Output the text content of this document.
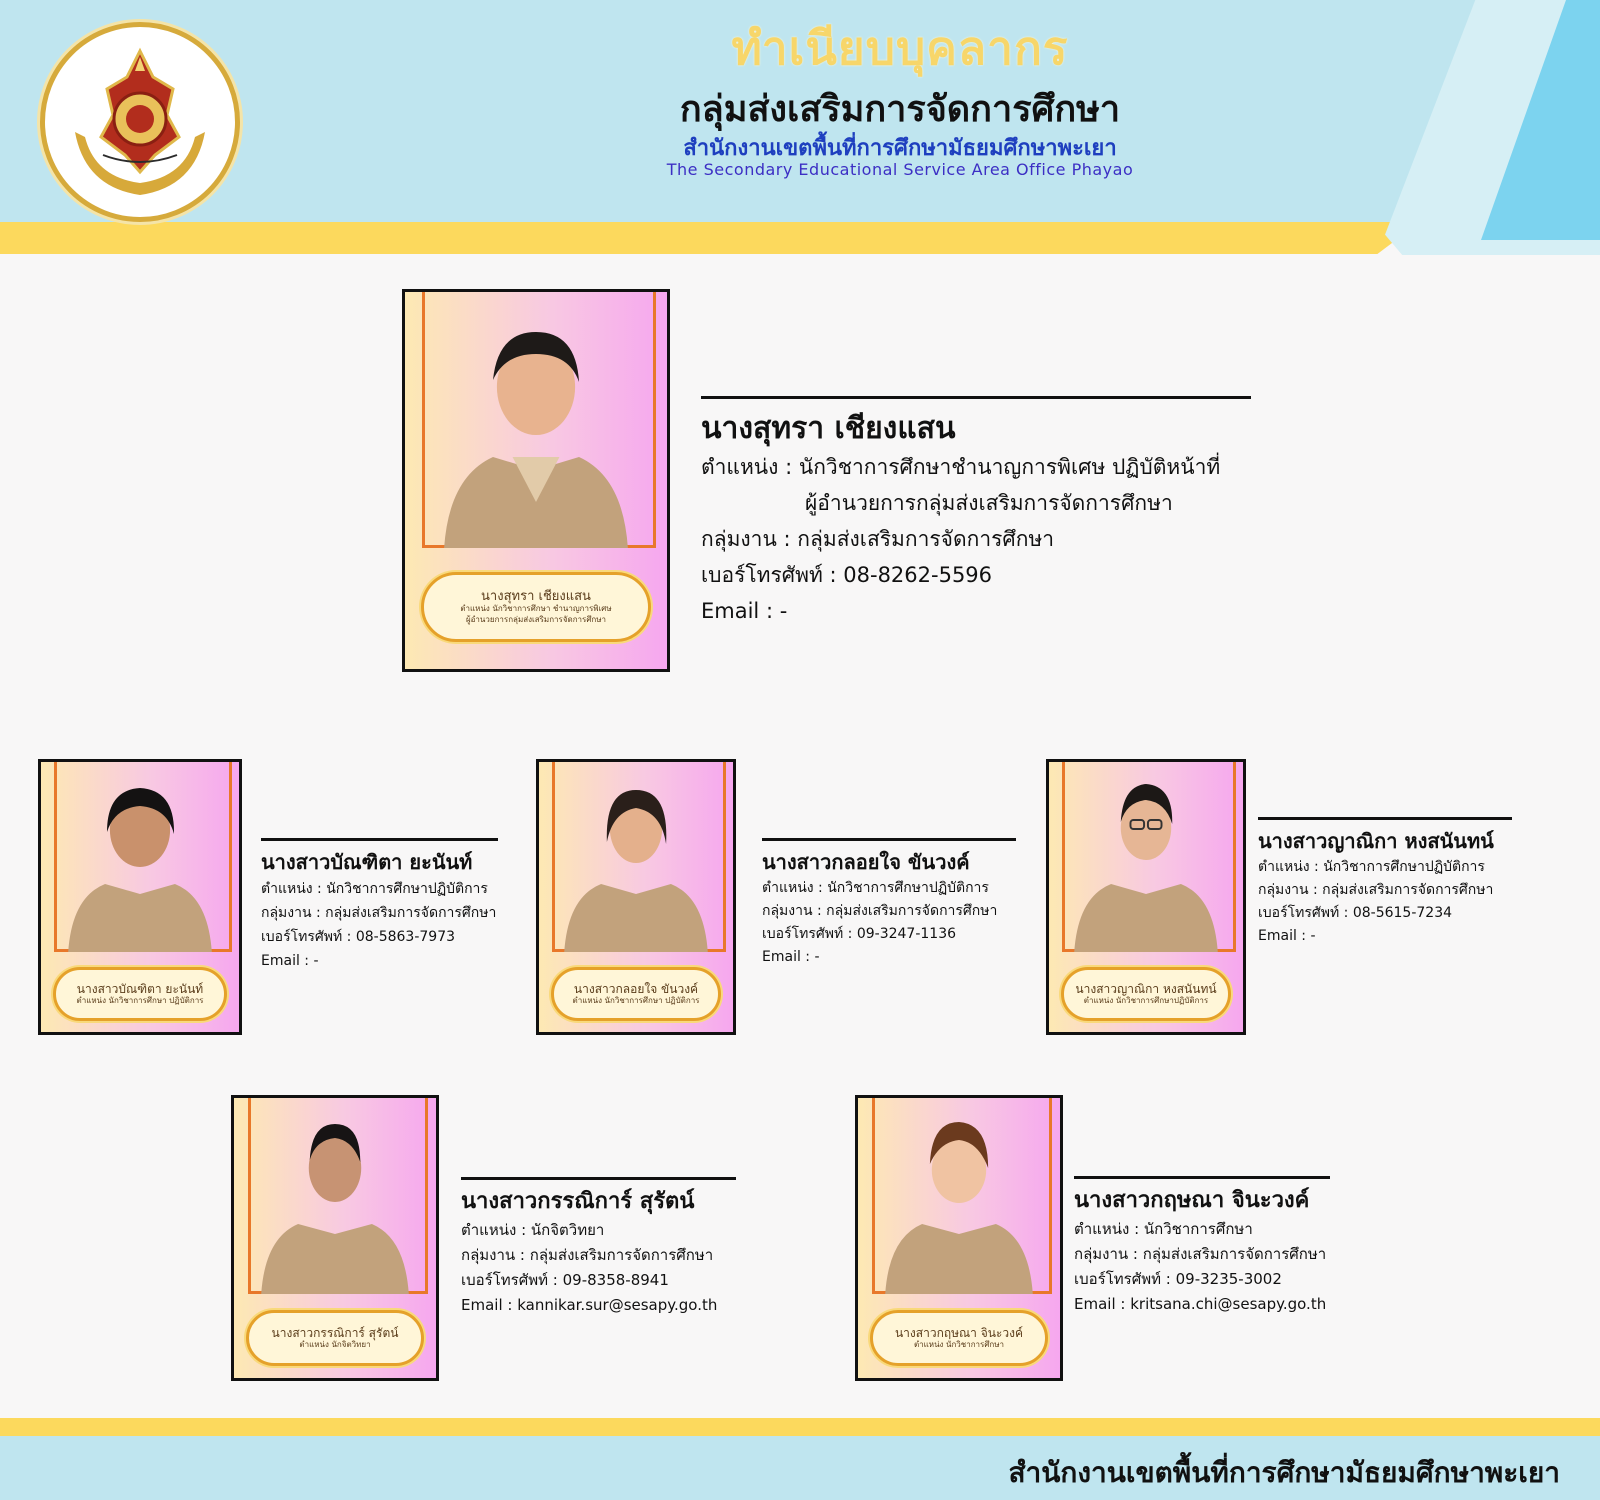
ทำเนียบบุคลากร
กลุ่มส่งเสริมการจัดการศึกษา
สำนักงานเขตพื้นที่การศึกษามัธยมศึกษาพะเยา
The Secondary Educational Service Area Office Phayao
นางสุทรา เชียงแสน
ตำแหน่ง นักวิชาการศึกษา ชำนาญการพิเศษ
ผู้อำนวยการกลุ่มส่งเสริมการจัดการศึกษา
นางสุทรา เชียงแสน
ตำแหน่ง : นักวิชาการศึกษาชำนาญการพิเศษ ปฏิบัติหน้าที่
ผู้อำนวยการกลุ่มส่งเสริมการจัดการศึกษา
กลุ่มงาน : กลุ่มส่งเสริมการจัดการศึกษา
เบอร์โทรศัพท์ : 08-8262-5596
Email : -
นางสาวบัณฑิตา ยะนันท์
ตำแหน่ง นักวิชาการศึกษา ปฏิบัติการ
นางสาวบัณฑิตา ยะนันท์
ตำแหน่ง : นักวิชาการศึกษาปฏิบัติการ
กลุ่มงาน : กลุ่มส่งเสริมการจัดการศึกษา
เบอร์โทรศัพท์ : 08-5863-7973
Email : -
นางสาวกลอยใจ ขันวงค์
ตำแหน่ง นักวิชาการศึกษา ปฏิบัติการ
นางสาวกลอยใจ ขันวงค์
ตำแหน่ง : นักวิชาการศึกษาปฏิบัติการ
กลุ่มงาน : กลุ่มส่งเสริมการจัดการศึกษา
เบอร์โทรศัพท์ : 09-3247-1136
Email : -
นางสาวญาณิกา หงสนันทน์
ตำแหน่ง นักวิชาการศึกษาปฏิบัติการ
นางสาวญาณิกา หงสนันทน์
ตำแหน่ง : นักวิชาการศึกษาปฏิบัติการ
กลุ่มงาน : กลุ่มส่งเสริมการจัดการศึกษา
เบอร์โทรศัพท์ : 08-5615-7234
Email : -
นางสาวกรรณิการ์ สุรัตน์
ตำแหน่ง นักจิตวิทยา
นางสาวกรรณิการ์ สุรัตน์
ตำแหน่ง : นักจิตวิทยา
กลุ่มงาน : กลุ่มส่งเสริมการจัดการศึกษา
เบอร์โทรศัพท์ : 09-8358-8941
Email : kannikar.sur@sesapy.go.th
นางสาวกฤษณา จินะวงค์
ตำแหน่ง นักวิชาการศึกษา
นางสาวกฤษณา จินะวงค์
ตำแหน่ง : นักวิชาการศึกษา
กลุ่มงาน : กลุ่มส่งเสริมการจัดการศึกษา
เบอร์โทรศัพท์ : 09-3235-3002
Email : kritsana.chi@sesapy.go.th
สำนักงานเขตพื้นที่การศึกษามัธยมศึกษาพะเยา
